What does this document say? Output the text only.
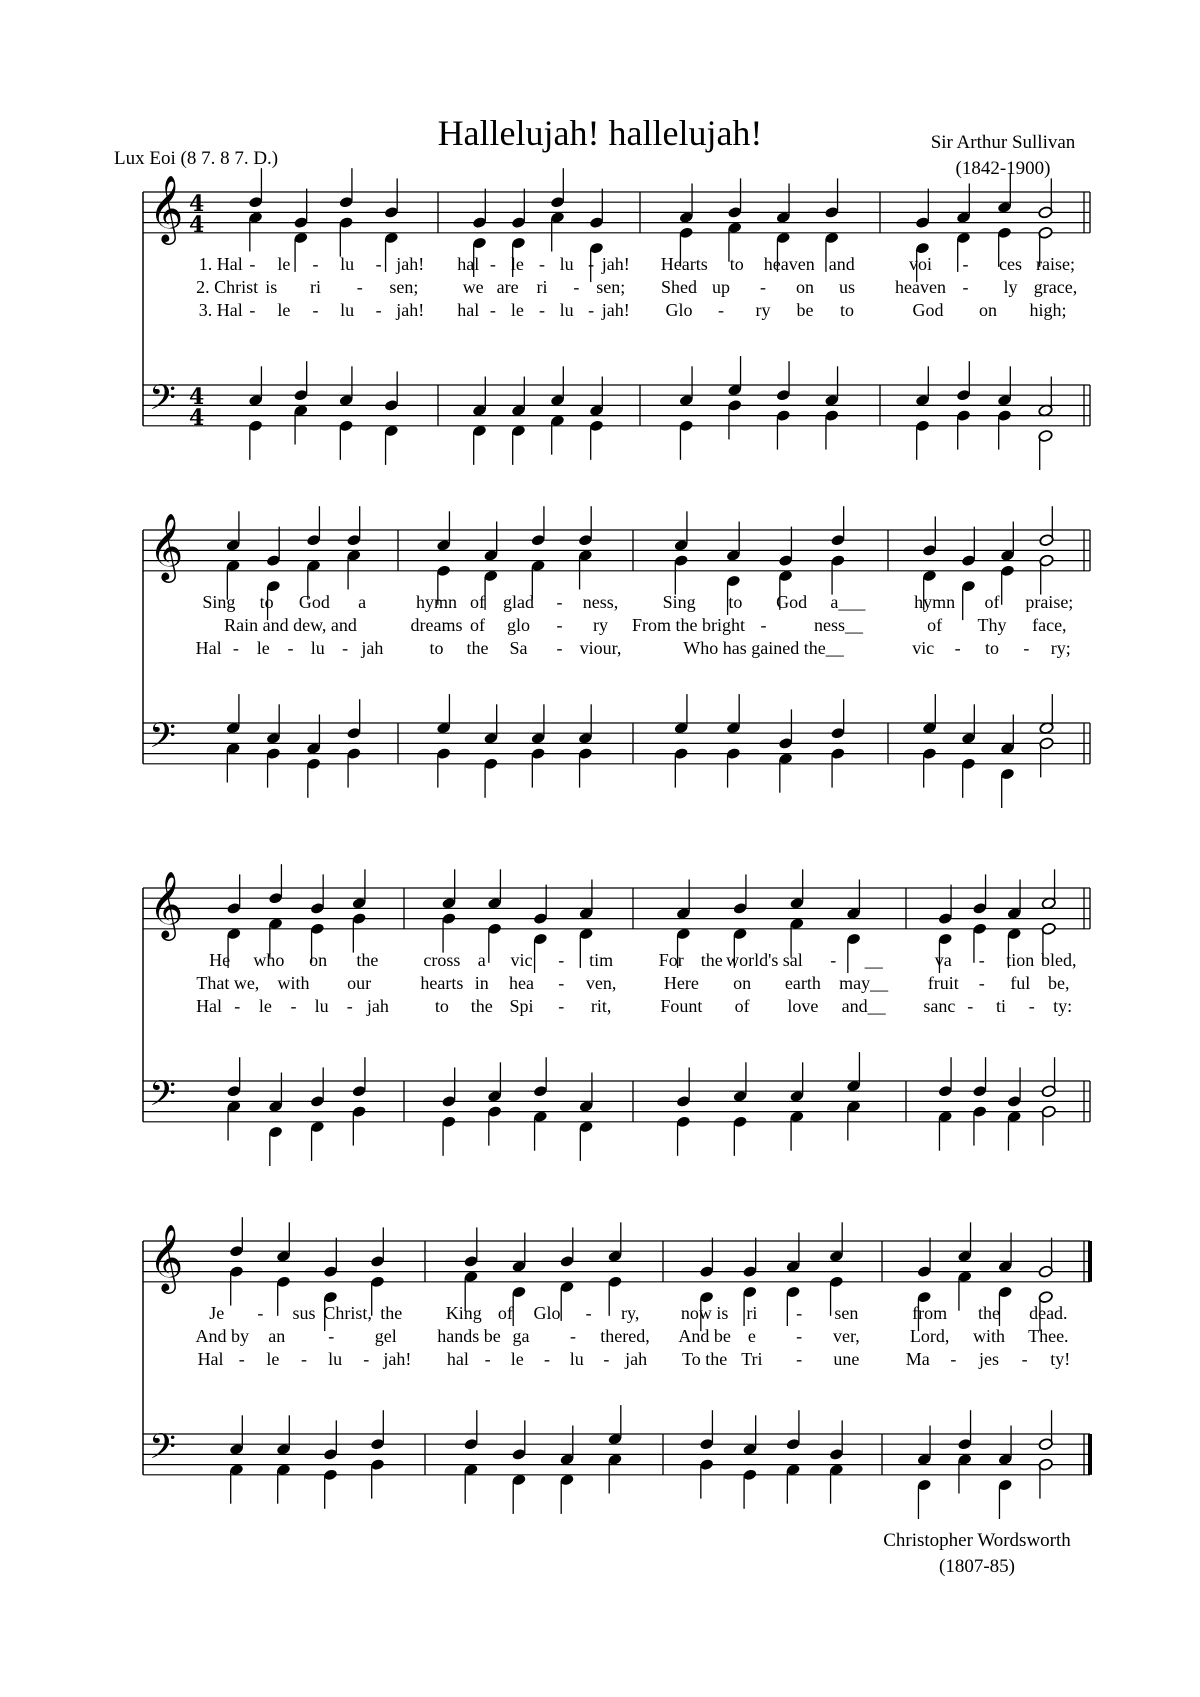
Hallelujah! hallelujah!
Lux Eoi (8 7. 8 7. D.)
Sir Arthur Sullivan
(1842-1900)
Christopher Wordsworth
(1807-85)
𝄞
𝄢
4
4
4
4
1. Hal - le - lu - jah!
2. Christ is ri - sen;
3. Hal - le - lu - jah!
hal - le - lu - jah!
we are ri - sen;
hal - le - lu - jah!
Hearts to heaven and
Shed up - on us
Glo - ry be to
voi - ces raise;
heaven - ly grace,
God on high;
𝄞
𝄢
Sing to God a
Rain and dew, and
Hal - le - lu - jah
hymn of glad - ness,
dreams of glo - ry
to the Sa - viour,
Sing to God a___
From the bright -	ness__
Who has gained the__
hymn of praise;
of Thy face,
vic - to - ry;
𝄞
𝄢
He who on the
That we, with our
Hal - le - lu - jah
cross a vic - tim
hearts in hea - ven,
to the Spi - rit,
For the world's sal - __
Here on earth may__
Fount of love and__
va - tion bled,
fruit - ful be,
sanc - ti - ty:
𝄞
𝄢
Je - sus Christ, the
And by an - gel
Hal - le - lu - jah!
King of Glo - ry,
hands be ga - thered,
hal - le - lu - jah
now is ri - sen
And be e - ver,
To the Tri - une
from the dead.
Lord, with Thee.
Ma - jes - ty!
